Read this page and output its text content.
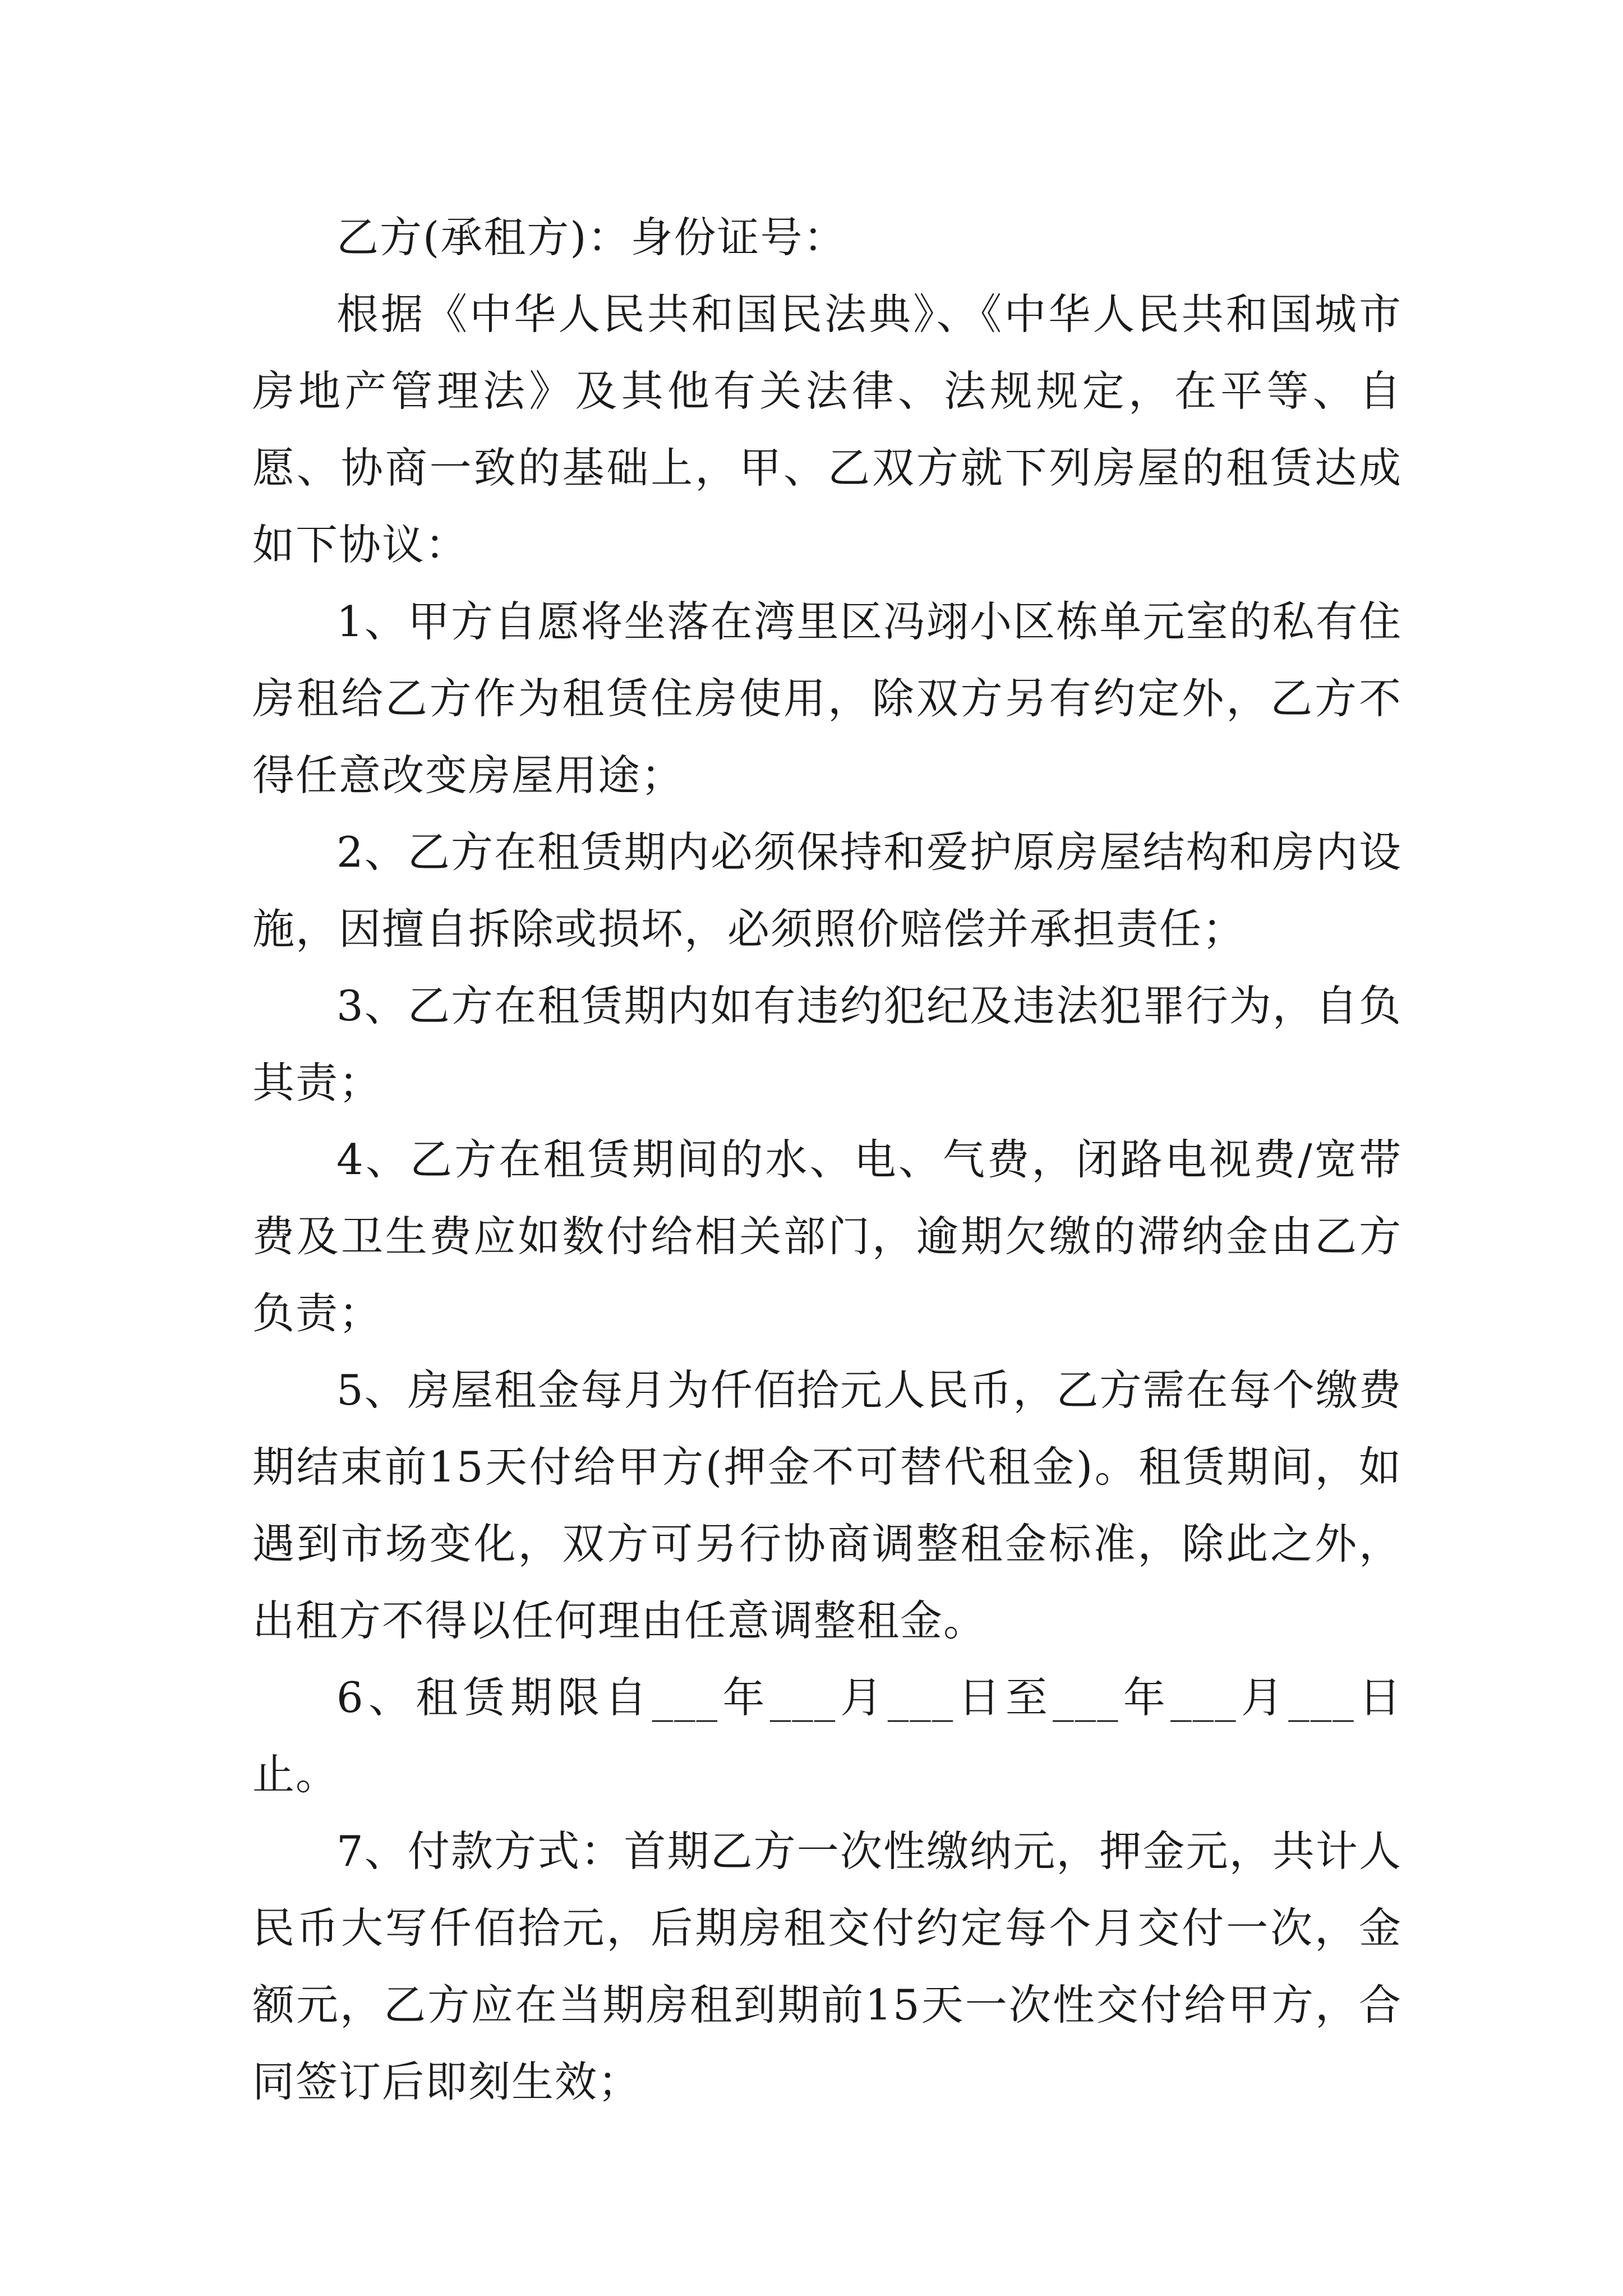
乙方(承租方)：身份证号：

根据《中华人民共和国民法典》、《中华人民共和国城市房地产管理法》及其他有关法律、法规规定，在平等、自愿、协商一致的基础上，甲、乙双方就下列房屋的租赁达成如下协议：

1、甲方自愿将坐落在湾里区冯翊小区栋单元室的私有住房租给乙方作为租赁住房使用，除双方另有约定外，乙方不得任意改变房屋用途；

2、乙方在租赁期内必须保持和爱护原房屋结构和房内设施，因擅自拆除或损坏，必须照价赔偿并承担责任；

3、乙方在租赁期内如有违约犯纪及违法犯罪行为，自负其责；

4、乙方在租赁期间的水、电、气费，闭路电视费/宽带费及卫生费应如数付给相关部门，逾期欠缴的滞纳金由乙方负责；

5、房屋租金每月为仟佰拾元人民币，乙方需在每个缴费期结束前15天付给甲方(押金不可替代租金)。租赁期间，如遇到市场变化，双方可另行协商调整租金标准，除此之外，出租方不得以任何理由任意调整租金。

6、租赁期限自___年___月___日至___年___月___日止。

7、付款方式：首期乙方一次性缴纳元，押金元，共计人民币大写仟佰拾元，后期房租交付约定每个月交付一次，金额元，乙方应在当期房租到期前15天一次性交付给甲方，合同签订后即刻生效；
